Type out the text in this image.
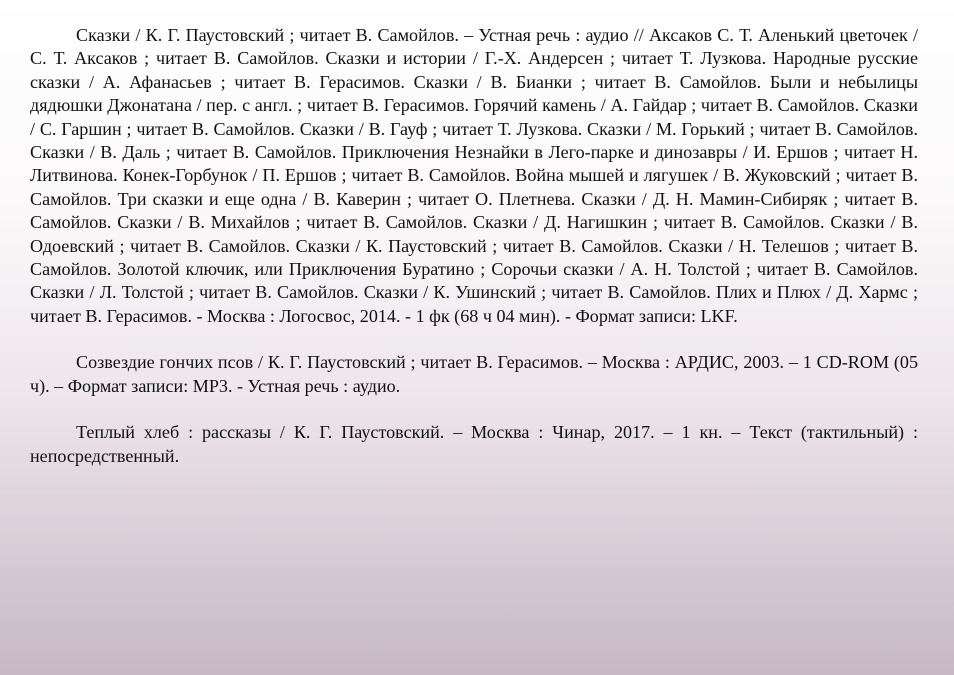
Сказки / К. Г. Паустовский ; читает В. Самойлов. – Устная речь : аудио // Аксаков С. Т. Аленький цветочек / С. Т. Аксаков ; читает В. Самойлов. Сказки и истории / Г.-Х. Андерсен ; читает Т. Лузкова. Народные русские сказки / А. Афанасьев ; читает В. Герасимов. Сказки / В. Бианки ; читает В. Самойлов. Были и небылицы дядюшки Джонатана / пер. с англ. ; читает В. Герасимов. Горячий камень / А. Гайдар ; читает В. Самойлов. Сказки / С. Гаршин ; читает В. Самойлов. Сказки / В. Гауф ; читает Т. Лузкова. Сказки / М. Горький ; читает В. Самойлов. Сказки / В. Даль ; читает В. Самойлов. Приключения Незнайки в Лего-парке и динозавры / И. Ершов ; читает Н. Литвинова. Конек-Горбунок / П. Ершов ; читает В. Самойлов. Война мышей и лягушек / В. Жуковский ; читает В. Самойлов. Три сказки и еще одна / В. Каверин ; читает О. Плетнева. Сказки / Д. Н. Мамин-Сибиряк ; читает В. Самойлов. Сказки / В. Михайлов ; читает В. Самойлов. Сказки / Д. Нагишкин ; читает В. Самойлов. Сказки / В. Одоевский ; читает В. Самойлов. Сказки / К. Паустовский ; читает В. Самойлов. Сказки / Н. Телешов ; читает В. Самойлов. Золотой ключик, или Приключения Буратино ; Сорочьи сказки / А. Н. Толстой ; читает В. Самойлов. Сказки / Л. Толстой ; читает В. Самойлов. Сказки / К. Ушинский ; читает В. Самойлов. Плих и Плюх / Д. Хармс ; читает В. Герасимов. - Москва : Логосвос, 2014. - 1 фк (68 ч 04 мин). - Формат записи: LKF.

Созвездие гончих псов / К. Г. Паустовский ; читает В. Герасимов. – Москва : АРДИС, 2003. – 1 CD-ROM (05 ч). – Формат записи: MP3. - Устная речь : аудио.

Теплый хлеб : рассказы / К. Г. Паустовский. – Москва : Чинар, 2017. – 1 кн. – Текст (тактильный) : непосредственный.
